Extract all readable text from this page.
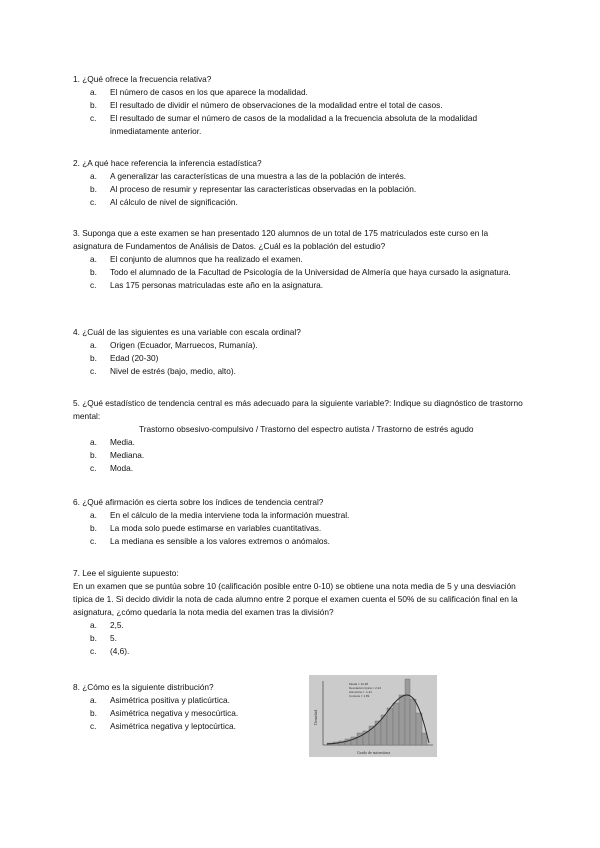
1. ¿Qué ofrece la frecuencia relativa?

a. El número de casos en los que aparece la modalidad.
b. El resultado de dividir el número de observaciones de la modalidad entre el total de casos.
c. El resultado de sumar el número de casos de la modalidad a la frecuencia absoluta de la modalidad inmediatamente anterior.

2. ¿A qué hace referencia la inferencia estadística?

a. A generalizar las características de una muestra a las de la población de interés.
b. Al proceso de resumir y representar las características observadas en la población.
c. Al cálculo de nivel de significación.

3. Suponga que a este examen se han presentado 120 alumnos de un total de 175 matriculados este curso en la asignatura de Fundamentos de Análisis de Datos. ¿Cuál es la población del estudio?

a. El conjunto de alumnos que ha realizado el examen.
b. Todo el alumnado de la Facultad de Psicología de la Universidad de Almería que haya cursado la asignatura.
c. Las 175 personas matriculadas este año en la asignatura.

4. ¿Cuál de las siguientes es una variable con escala ordinal?

a. Origen (Ecuador, Marruecos, Rumanía).
b. Edad (20-30)
c. Nivel de estrés (bajo, medio, alto).

5. ¿Qué estadístico de tendencia central es más adecuado para la siguiente variable?: Indique su diagnóstico de trastorno mental:

Trastorno obsesivo-compulsivo / Trastorno del espectro autista / Trastorno de estrés agudo
a. Media.
b. Mediana.
c. Moda.

6. ¿Qué afirmación es cierta sobre los índices de tendencia central?

a. En el cálculo de la media interviene toda la información muestral.
b. La moda solo puede estimarse en variables cuantitativas.
c. La mediana es sensible a los valores extremos o anómalos.

7. Lee el siguiente supuesto:

En un examen que se puntúa sobre 10 (calificación posible entre 0-10) se obtiene una nota media de 5 y una desviación típica de 1. Si decido dividir la nota de cada alumno entre 2 porque el examen cuenta el 50% de su calificación final en la asignatura, ¿cómo quedaría la nota media del examen tras la división?
a. 2,5.
b. 5.
c. (4,6).

8. ¿Cómo es la siguiente distribución?

a. Asimétrica positiva y platicúrtica.
b. Asimétrica negativa y mesocúrtica.
c. Asimétrica negativa y leptocúrtica.
Media = 12,48
Desviación típica = 2,24
Asimetría = -1,31
Curtosis = 1,89
Densidad
Grado de autoestima
